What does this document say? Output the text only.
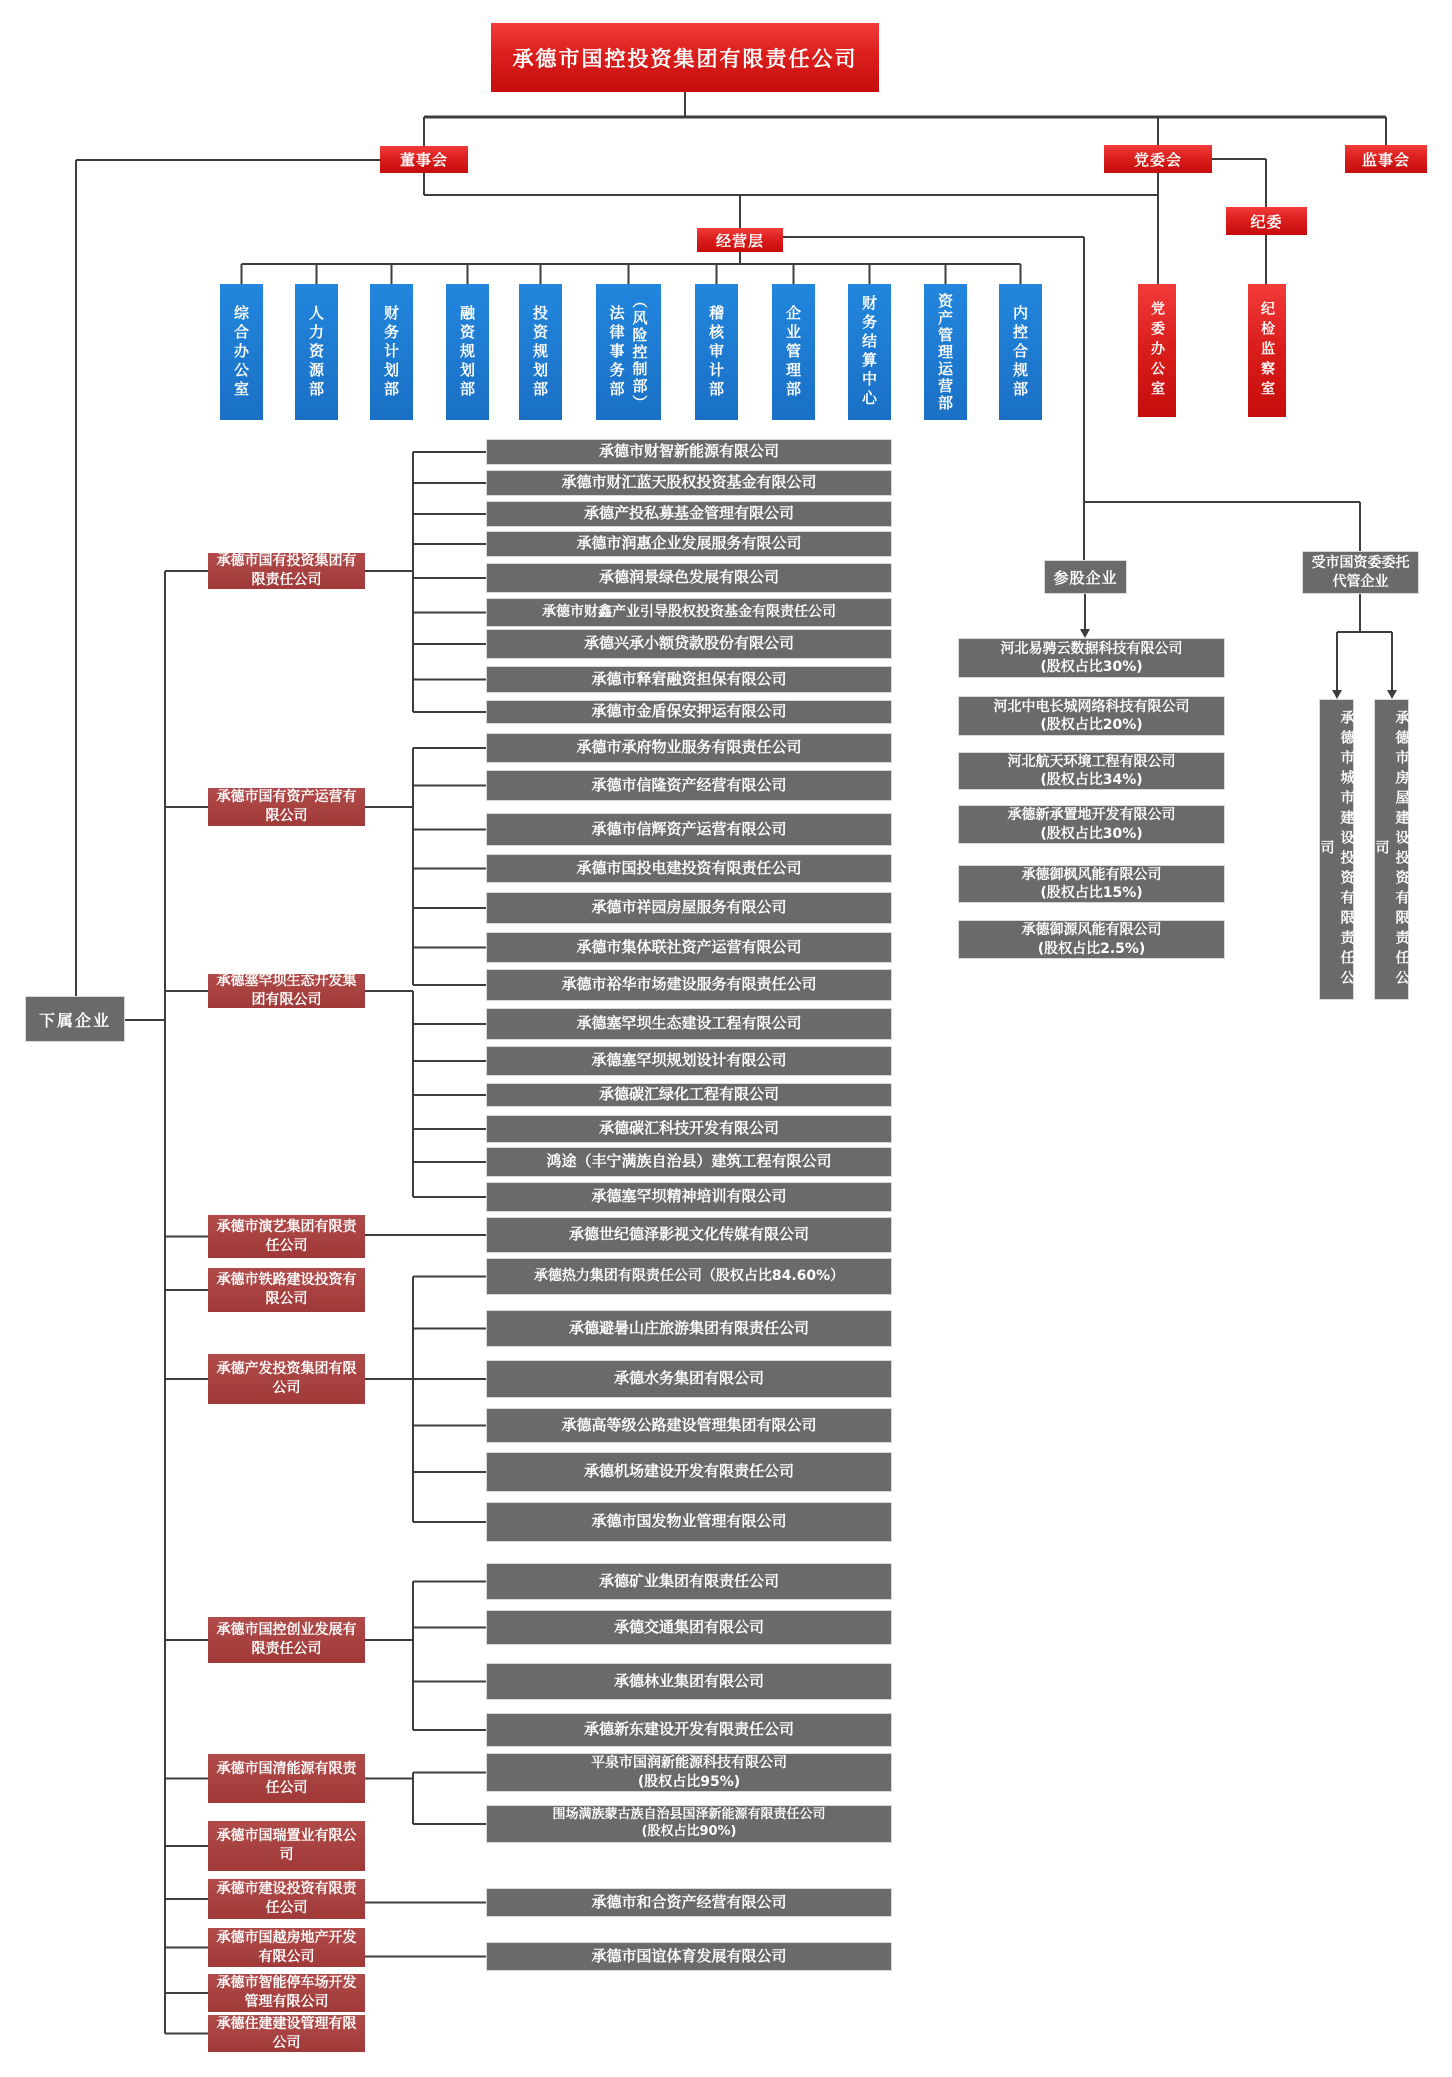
承德市国控投资集团有限责任公司
董事会	党委会	监事会
纪委
经营层
党委办公室	纪检监察室
下属企业
参股企业
受市国资委委托代管企业
综合办公室	人力资源部	财务计划部	融资规划部	投资规划部	法律事务部 （风险控制部）	稽核审计部	企业管理部	财务结算中心	资产管理运营部	内控合规部
承德市国有投资集团有限责任公司
承德市财智新能源有限公司
承德市财汇蓝天股权投资基金有限公司
承德产投私募基金管理有限公司
承德市润惠企业发展服务有限公司
承德润景绿色发展有限公司
承德市财鑫产业引导股权投资基金有限责任公司
承德兴承小额贷款股份有限公司
承德市释宭融资担保有限公司
承德市金盾保安押运有限公司
承德市国有资产运营有限公司
承德市承府物业服务有限责任公司
承德市信隆资产经营有限公司
承德市信辉资产运营有限公司
承德市国投电建投资有限责任公司
承德市祥园房屋服务有限公司
承德市集体联社资产运营有限公司
承德市裕华市场建设服务有限责任公司
承德塞罕坝生态开发集团有限公司
承德塞罕坝生态建设工程有限公司
承德塞罕坝规划设计有限公司
承德碳汇绿化工程有限公司
承德碳汇科技开发有限公司
鸿途（丰宁满族自治县）建筑工程有限公司
承德塞罕坝精神培训有限公司
承德市演艺集团有限责任公司
承德世纪德泽影视文化传媒有限公司
承德市铁路建设投资有限公司
承德产发投资集团有限公司
承德热力集团有限责任公司（股权占比84.60%）
承德避暑山庄旅游集团有限责任公司
承德水务集团有限公司
承德高等级公路建设管理集团有限公司
承德机场建设开发有限责任公司
承德市国发物业管理有限公司
承德市国控创业发展有限责任公司
承德矿业集团有限责任公司
承德交通集团有限公司
承德林业集团有限公司
承德新东建设开发有限责任公司
承德市国清能源有限责任公司
平泉市国润新能源科技有限公司
(股权占比95%)
围场满族蒙古族自治县国泽新能源有限责任公司
(股权占比90%)
承德市国瑞置业有限公司
承德市建设投资有限责任公司	承德市和合资产经营有限公司
承德市国越房地产开发有限公司	承德市国谊体育发展有限公司
承德市智能停车场开发管理有限公司
承德住建建设管理有限公司
河北易骋云数据科技有限公司
(股权占比30%)
河北中电长城网络科技有限公司
(股权占比20%)
河北航天环境工程有限公司
(股权占比34%)
承德新承置地开发有限公司
(股权占比30%)
承德御枫风能有限公司
(股权占比15%)
承德御源风能有限公司
(股权占比2.5%)	承德市城市建设投资有限责任公司	承德市房屋建设投资有限责任公司
